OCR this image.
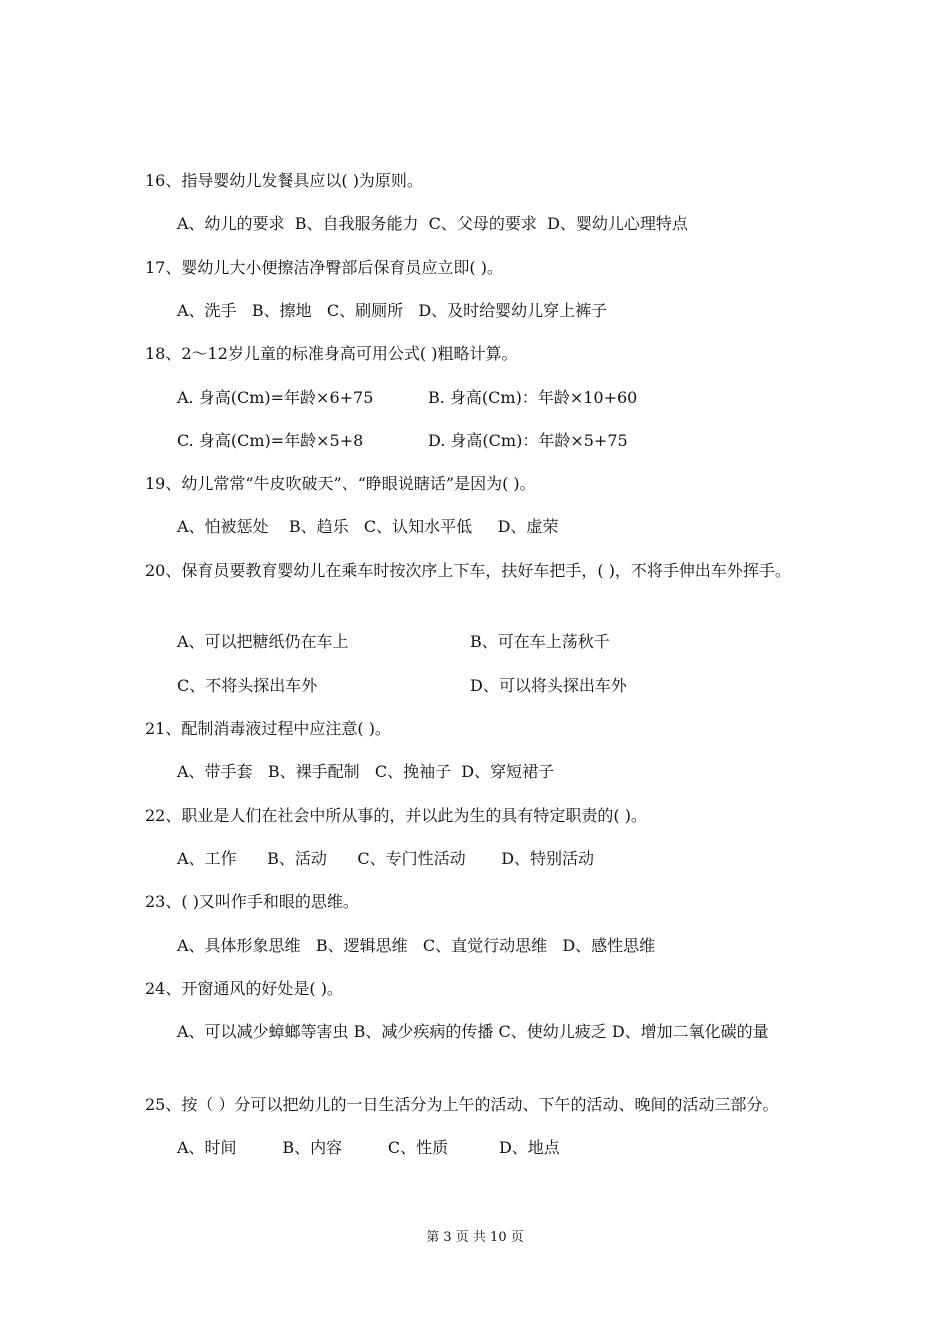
16、指导婴幼儿发餐具应以( )为原则。

A、幼儿的要求  B、自我服务能力  C、父母的要求  D、婴幼儿心理特点

17、婴幼儿大小便擦洁净臀部后保育员应立即( )。

A、洗手   B、擦地   C、刷厕所   D、及时给婴幼儿穿上裤子

18、2～12岁儿童的标准身高可用公式( )粗略计算。

A. 身高(Cm)=年龄×6+75	B. 身高(Cm)：年龄×10+60

C. 身高(Cm)=年龄×5+8	D. 身高(Cm)：年龄×5+75

19、幼儿常常“牛皮吹破天”、“睁眼说瞎话”是因为( )。

A、怕被惩处    B、趋乐   C、认知水平低     D、虚荣

20、保育员要教育婴幼儿在乘车时按次序上下车，扶好车把手，( )，不将手伸出车外挥手。

A、可以把糖纸仍在车上	B、可在车上荡秋千

C、不将头探出车外	D、可以将头探出车外

21、配制消毒液过程中应注意( )。

A、带手套   B、裸手配制   C、挽袖子  D、穿短裙子

22、职业是人们在社会中所从事的，并以此为生的具有特定职责的( )。

A、工作      B、活动      C、专门性活动       D、特别活动

23、( )又叫作手和眼的思维。

A、具体形象思维   B、逻辑思维   C、直觉行动思维   D、感性思维

24、开窗通风的好处是( )。

A、可以减少蟑螂等害虫 B、减少疾病的传播 C、使幼儿疲乏 D、增加二氧化碳的量

25、按（ ）分可以把幼儿的一日生活分为上午的活动、下午的活动、晚间的活动三部分。

A、时间         B、内容         C、性质          D、地点

第 3 页 共 10 页
